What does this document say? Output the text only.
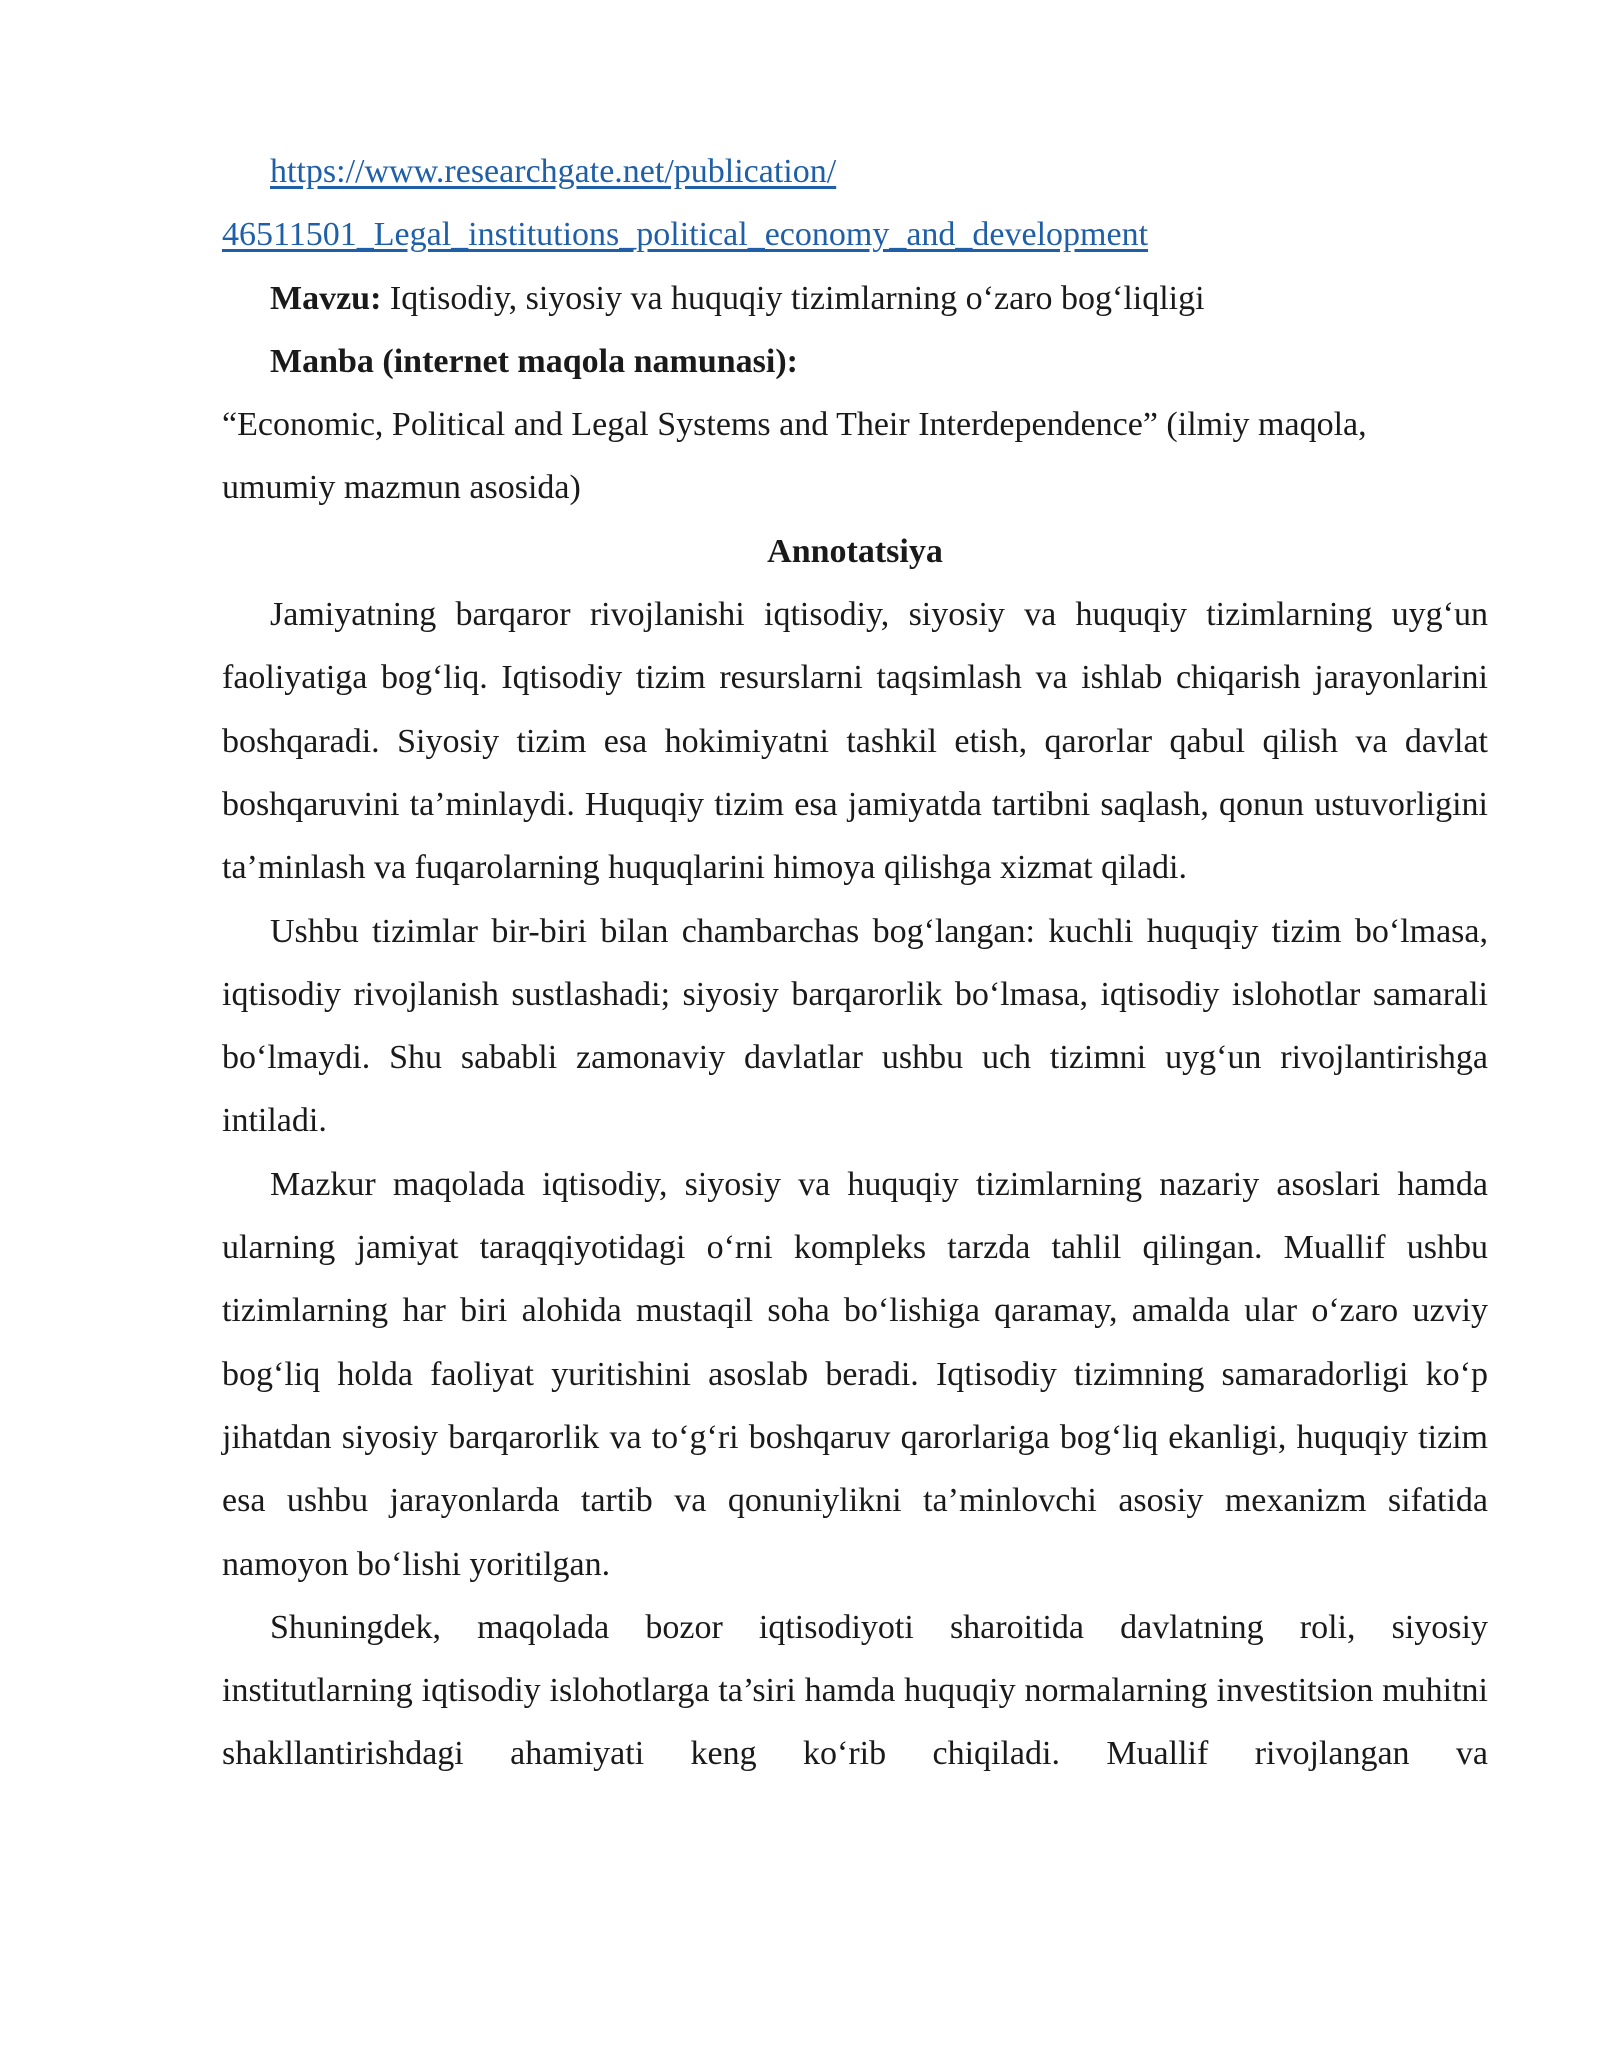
https://www.researchgate.net/publication/

46511501_Legal_institutions_political_economy_and_development

Mavzu: Iqtisodiy, siyosiy va huquqiy tizimlarning o‘zaro bog‘liqligi

Manba (internet maqola namunasi):

“Economic, Political and Legal Systems and Their Interdependence” (ilmiy maqola, umumiy mazmun asosida)

Annotatsiya

Jamiyatning barqaror rivojlanishi iqtisodiy, siyosiy va huquqiy tizimlarning uyg‘un faoliyatiga bog‘liq. Iqtisodiy tizim resurslarni taqsimlash va ishlab chiqarish jarayonlarini boshqaradi. Siyosiy tizim esa hokimiyatni tashkil etish, qarorlar qabul qilish va davlat boshqaruvini ta’minlaydi. Huquqiy tizim esa jamiyatda tartibni saqlash, qonun ustuvorligini ta’minlash va fuqarolarning huquqlarini himoya qilishga xizmat qiladi.

Ushbu tizimlar bir-biri bilan chambarchas bog‘langan: kuchli huquqiy tizim bo‘lmasa, iqtisodiy rivojlanish sustlashadi; siyosiy barqarorlik bo‘lmasa, iqtisodiy islohotlar samarali bo‘lmaydi. Shu sababli zamonaviy davlatlar ushbu uch tizimni uyg‘un rivojlantirishga intiladi.

Mazkur maqolada iqtisodiy, siyosiy va huquqiy tizimlarning nazariy asoslari hamda ularning jamiyat taraqqiyotidagi o‘rni kompleks tarzda tahlil qilingan. Muallif ushbu tizimlarning har biri alohida mustaqil soha bo‘lishiga qaramay, amalda ular o‘zaro uzviy bog‘liq holda faoliyat yuritishini asoslab beradi. Iqtisodiy tizimning samaradorligi ko‘p jihatdan siyosiy barqarorlik va to‘g‘ri boshqaruv qarorlariga bog‘liq ekanligi, huquqiy tizim esa ushbu jarayonlarda tartib va qonuniylikni ta’minlovchi asosiy mexanizm sifatida namoyon bo‘lishi yoritilgan.

Shuningdek, maqolada bozor iqtisodiyoti sharoitida davlatning roli, siyosiy institutlarning iqtisodiy islohotlarga ta’siri hamda huquqiy normalarning investitsion muhitni shakllantirishdagi ahamiyati keng ko‘rib chiqiladi. Muallif rivojlangan va
